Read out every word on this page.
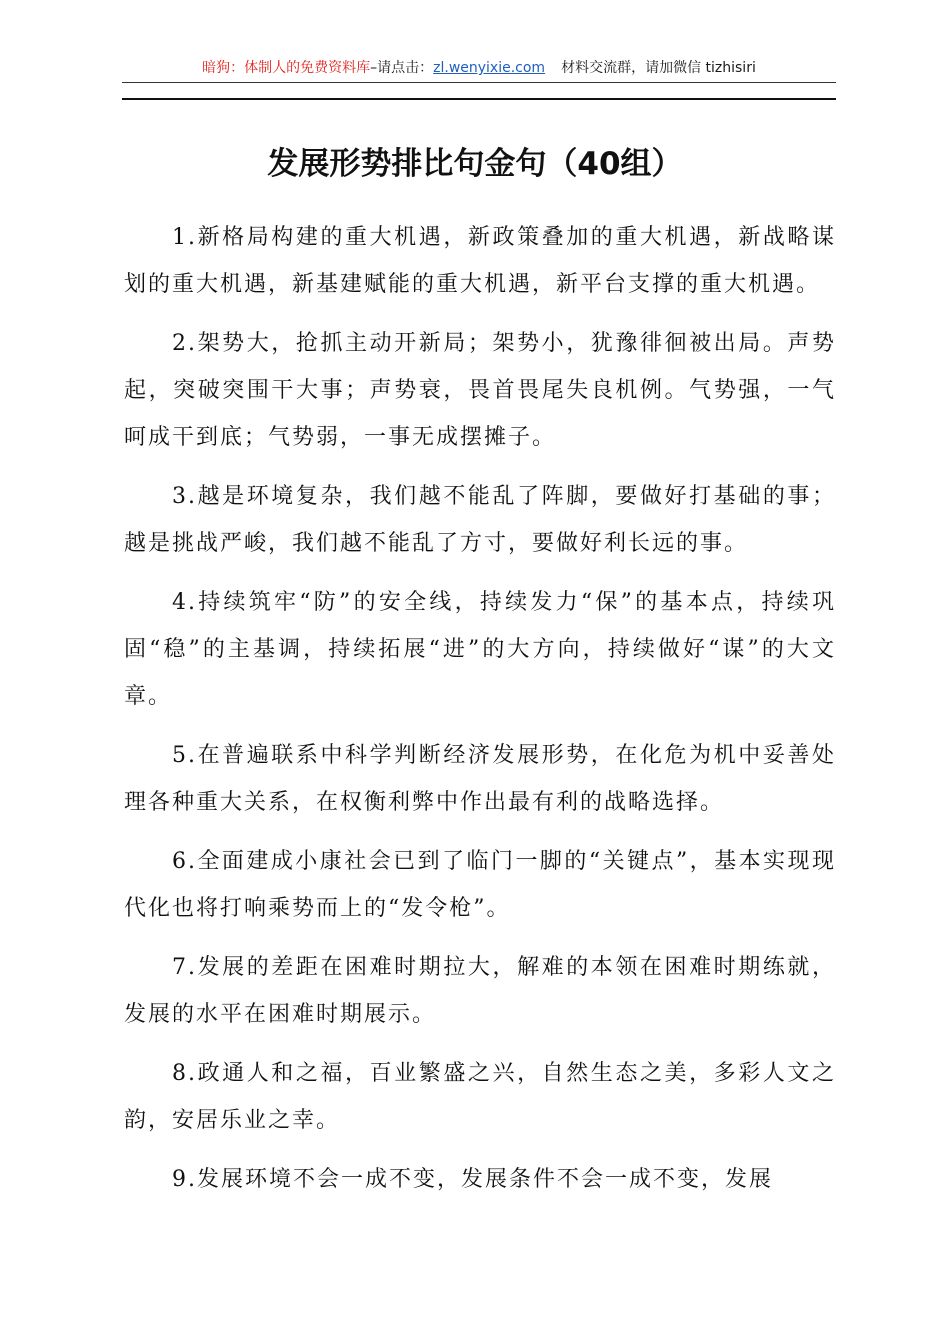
暗狗：体制人的免费资料库–请点击：zl.wenyixie.com 材料交流群，请加微信 tizhisiri
发展形势排比句金句（40组）

1.新格局构建的重大机遇，新政策叠加的重大机遇，新战略谋划的重大机遇，新基建赋能的重大机遇，新平台支撑的重大机遇。

2.架势大，抢抓主动开新局；架势小，犹豫徘徊被出局。声势起，突破突围干大事；声势衰，畏首畏尾失良机例。气势强，一气呵成干到底；气势弱，一事无成摆摊子。

3.越是环境复杂，我们越不能乱了阵脚，要做好打基础的事；越是挑战严峻，我们越不能乱了方寸，要做好利长远的事。

4.持续筑牢“防”的安全线，持续发力“保”的基本点，持续巩固“稳”的主基调，持续拓展“进”的大方向，持续做好“谋”的大文章。

5.在普遍联系中科学判断经济发展形势，在化危为机中妥善处理各种重大关系，在权衡利弊中作出最有利的战略选择。

6.全面建成小康社会已到了临门一脚的“关键点”，基本实现现代化也将打响乘势而上的“发令枪”。

7.发展的差距在困难时期拉大，解难的本领在困难时期练就，发展的水平在困难时期展示。

8.政通人和之福，百业繁盛之兴，自然生态之美，多彩人文之韵，安居乐业之幸。

9.发展环境不会一成不变，发展条件不会一成不变，发展
